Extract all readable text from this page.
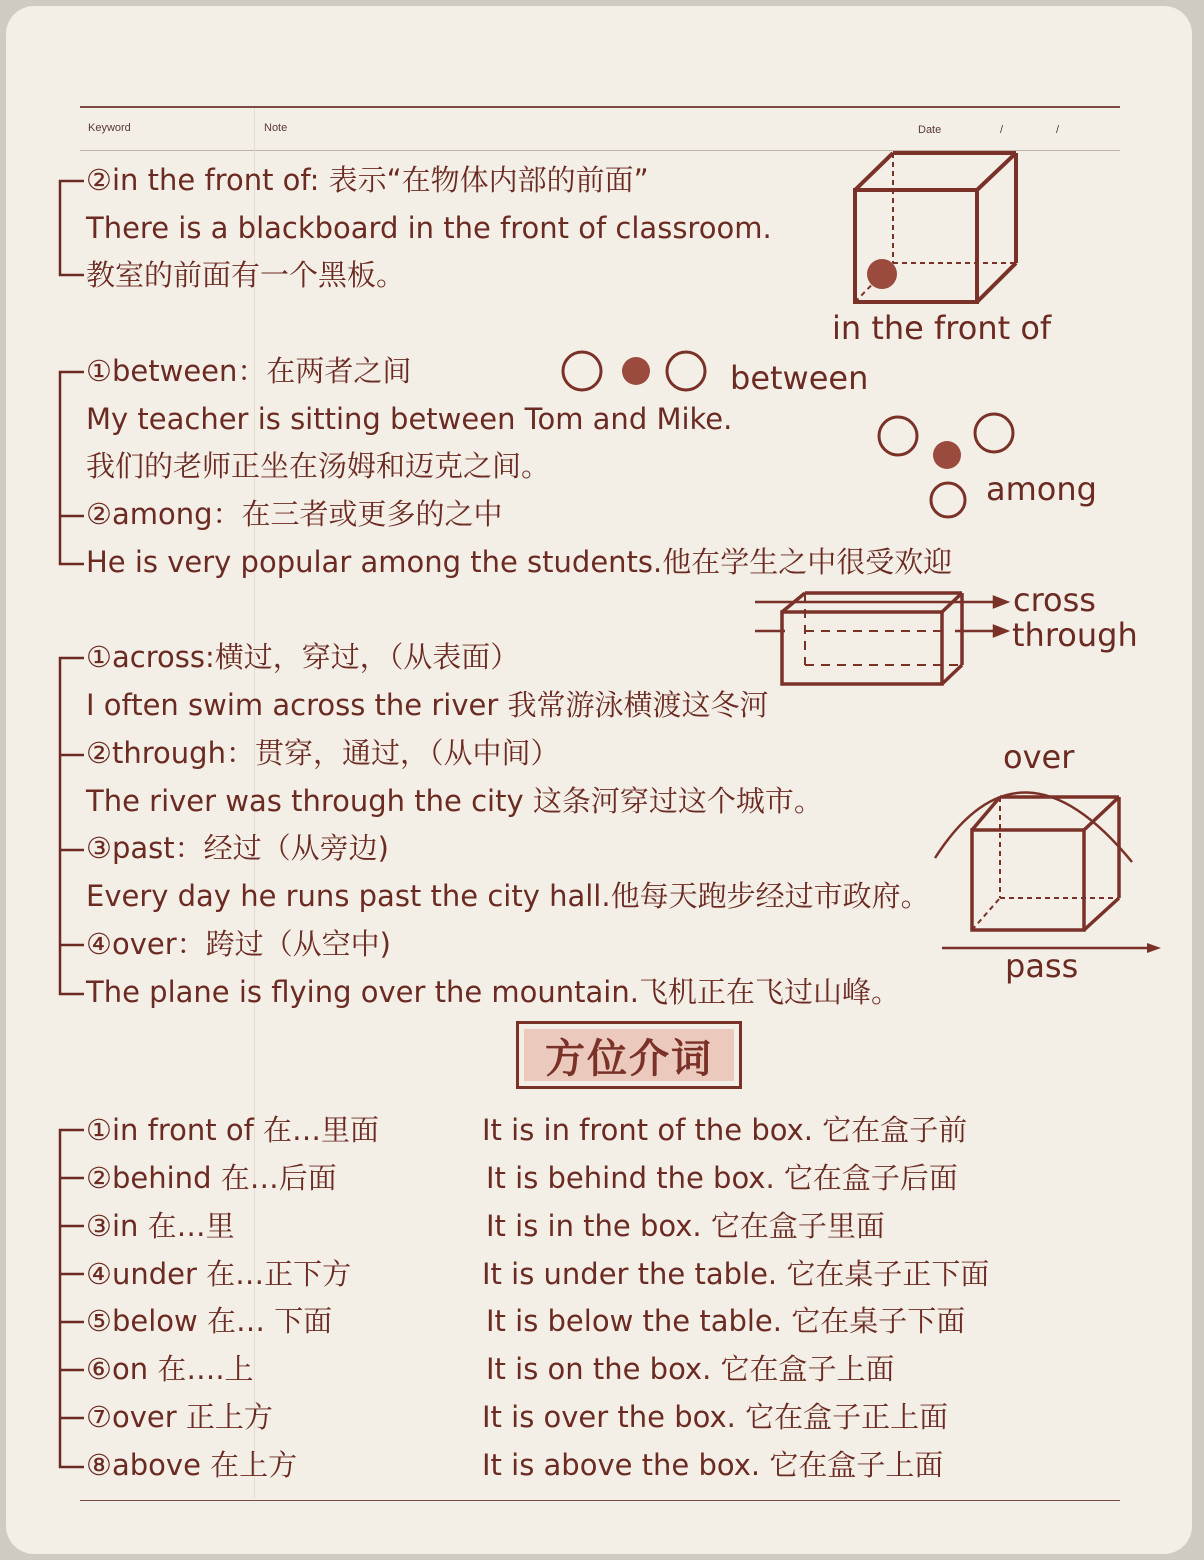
Keyword	Note	Date	/	/
②in the front of: 表示“在物体内部的前面”
There is a blackboard in the front of classroom.
教室的前面有一个黑板。
in the front of
①between：在两者之间
My teacher is sitting between Tom and Mike.
我们的老师正坐在汤姆和迈克之间。
②among：在三者或更多的之中
He is very popular among the students.他在学生之中很受欢迎
between
among
①across:横过，穿过，（从表面）
I often swim across the river 我常游泳横渡这冬河
②through：贯穿，通过，（从中间）
The river was through the city 这条河穿过这个城市。
③past：经过（从旁边)
Every day he runs past the city hall.他每天跑步经过市政府。
④over：跨过（从空中)
The plane is flying over the mountain.飞机正在飞过山峰。
cross
through
over
pass
方位介词
①in front of 在…里面	It is in front of the box. 它在盒子前
②behind 在…后面	It is behind the box. 它在盒子后面
③in 在…里	It is in the box. 它在盒子里面
④under 在…正下方	It is under the table. 它在桌子正下面
⑤below 在… 下面	It is below the table. 它在桌子下面
⑥on 在….上	It is on the box. 它在盒子上面
⑦over 正上方	It is over the box. 它在盒子正上面
⑧above 在上方	It is above the box. 它在盒子上面
